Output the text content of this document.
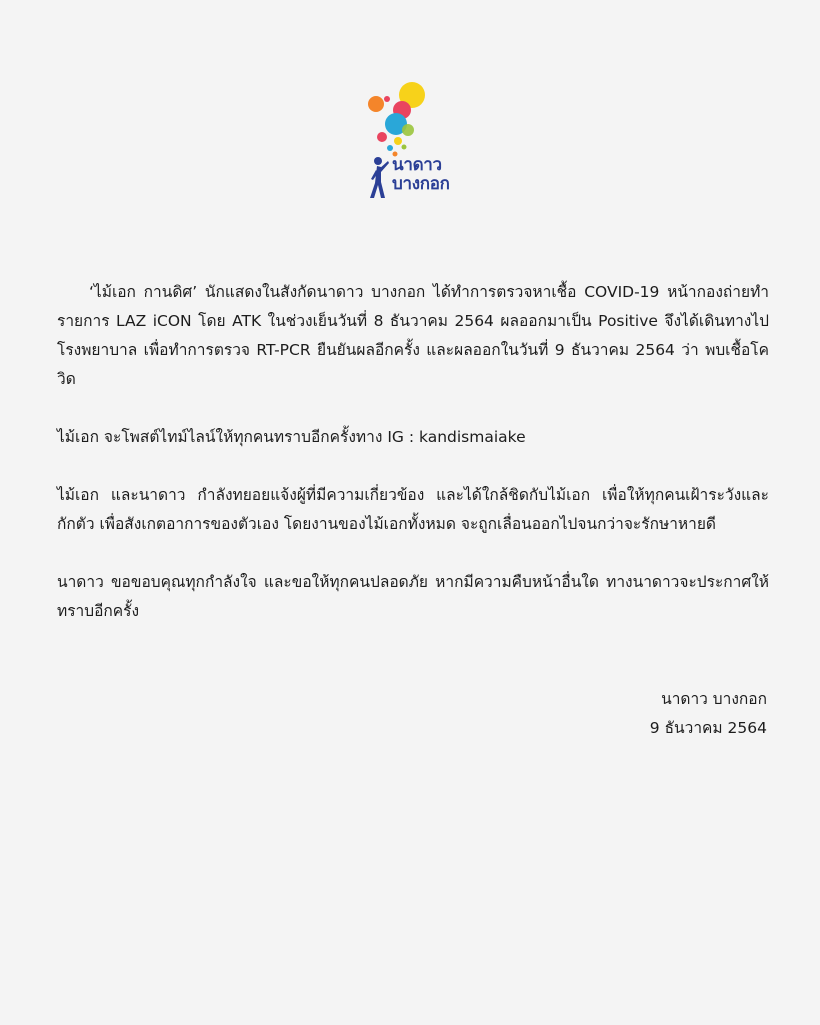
นาดาว
บางกอก

‘ไม้เอก กานดิศ’ นักแสดงในสังกัดนาดาว บางกอก ได้ทำการตรวจหาเชื้อ COVID-19 หน้ากองถ่ายทำรายการ LAZ iCON โดย ATK ในช่วงเย็นวันที่ 8 ธันวาคม 2564 ผลออกมาเป็น Positive จึงได้เดินทางไปโรงพยาบาล เพื่อทำการตรวจ RT-PCR ยืนยันผลอีกครั้ง และผลออกในวันที่ 9 ธันวาคม 2564 ว่า พบเชื้อโควิด

ไม้เอก จะโพสต์ไทม์ไลน์ให้ทุกคนทราบอีกครั้งทาง IG : kandismaiake

ไม้เอก และนาดาว กำลังทยอยแจ้งผู้ที่มีความเกี่ยวข้อง และได้ใกล้ชิดกับไม้เอก เพื่อให้ทุกคนเฝ้าระวังและกักตัว เพื่อสังเกตอาการของตัวเอง โดยงานของไม้เอกทั้งหมด จะถูกเลื่อนออกไปจนกว่าจะรักษาหายดี

นาดาว ขอขอบคุณทุกกำลังใจ และขอให้ทุกคนปลอดภัย หากมีความคืบหน้าอื่นใด ทางนาดาวจะประกาศให้ทราบอีกครั้ง

นาดาว บางกอก
9 ธันวาคม 2564
